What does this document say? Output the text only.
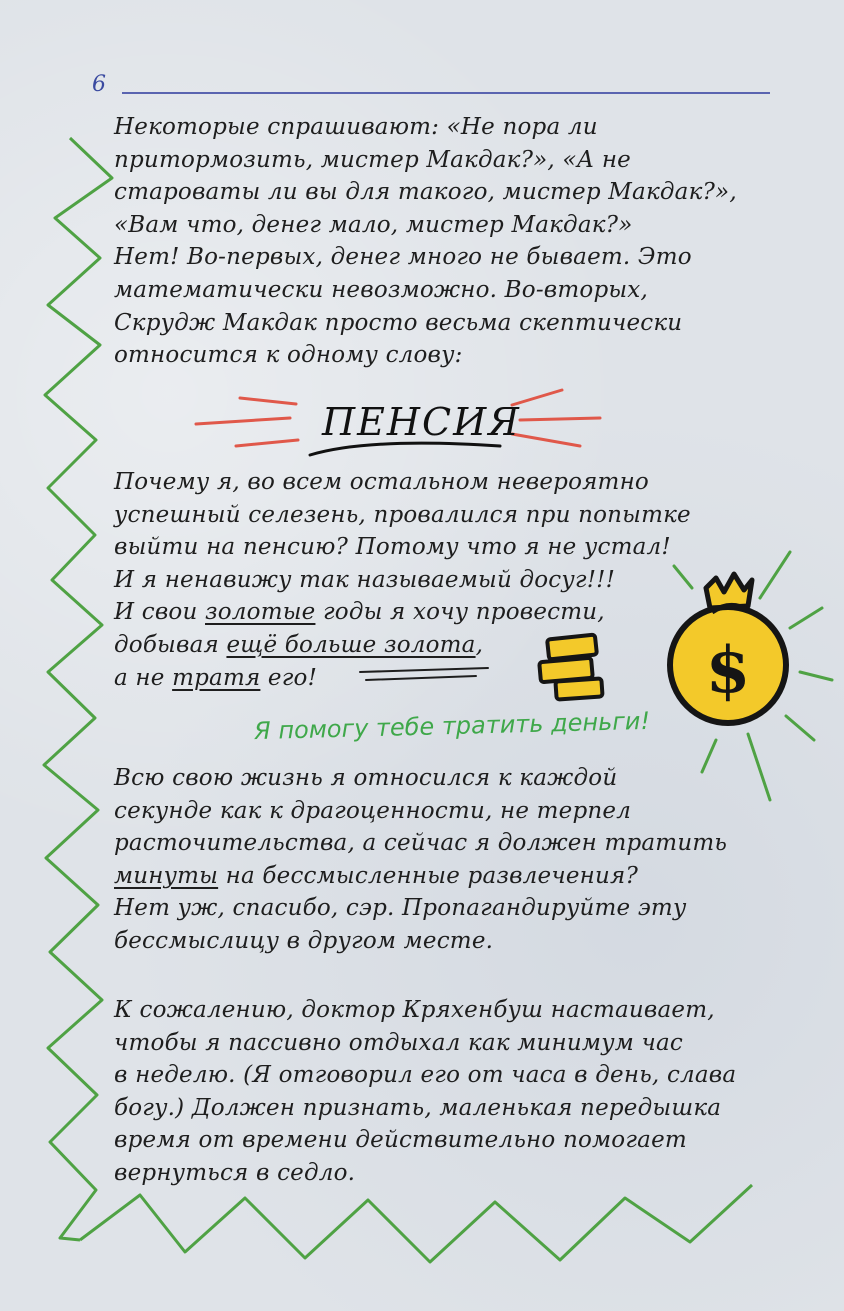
6
$
Некоторые спрашивают: «Не пора ли
притормозить, мистер Макдак?», «А не
староваты ли вы для такого, мистер Макдак?»,
«Вам что, денег мало, мистер Макдак?»
Нет! Во-первых, денег много не бывает. Это
математически невозможно. Во-вторых,
Скрудж Макдак просто весьма скептически
относится к одному слову:
ПЕНСИЯ
Почему я, во всем остальном невероятно
успешный селезень, провалился при попытке
выйти на пенсию? Потому что я не устал!
И я ненавижу так называемый досуг!!!
И свои золотые годы я хочу провести,
добывая ещё больше золота,
а не тратя его!
Я помогу тебе тратить деньги!
Всю свою жизнь я относился к каждой
секунде как к драгоценности, не терпел
расточительства, а сейчас я должен тратить
минуты на бессмысленные развлечения?
Нет уж, спасибо, сэр. Пропагандируйте эту
бессмыслицу в другом месте.
К сожалению, доктор Кряхенбуш настаивает,
чтобы я пассивно отдыхал как минимум час
в неделю. (Я отговорил его от часа в день, слава
богу.) Должен признать, маленькая передышка
время от времени действительно помогает
вернуться в седло.
